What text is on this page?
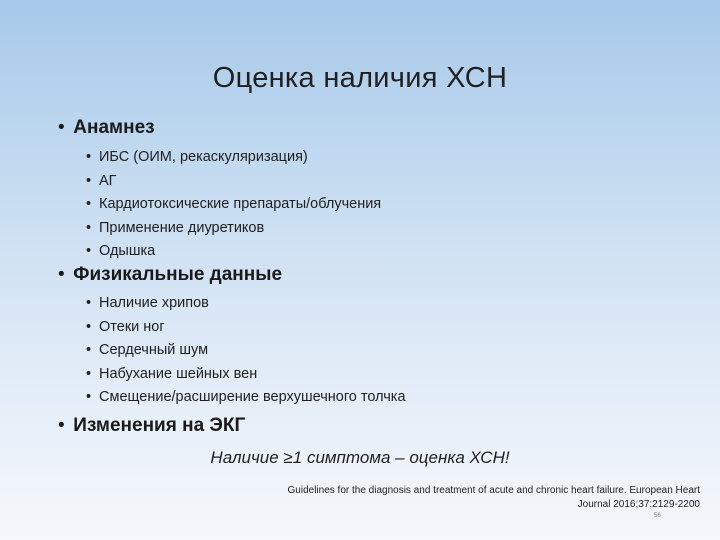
Оценка наличия ХСН
• Анамнез
• ИБС (ОИМ, рекаскуляризация)
• АГ
• Кардиотоксические препараты/облучения
• Применение диуретиков
• Одышка
• Физикальные данные
• Наличие хрипов
• Отеки ног
• Сердечный шум
• Набухание шейных вен
• Смещение/расширение верхушечного толчка
• Изменения на ЭКГ
Наличие ≥1 симптома – оценка ХСН!
Guidelines for the diagnosis and treatment of acute and chronic heart failure. European Heart Journal 2016;37:2129-2200
56
